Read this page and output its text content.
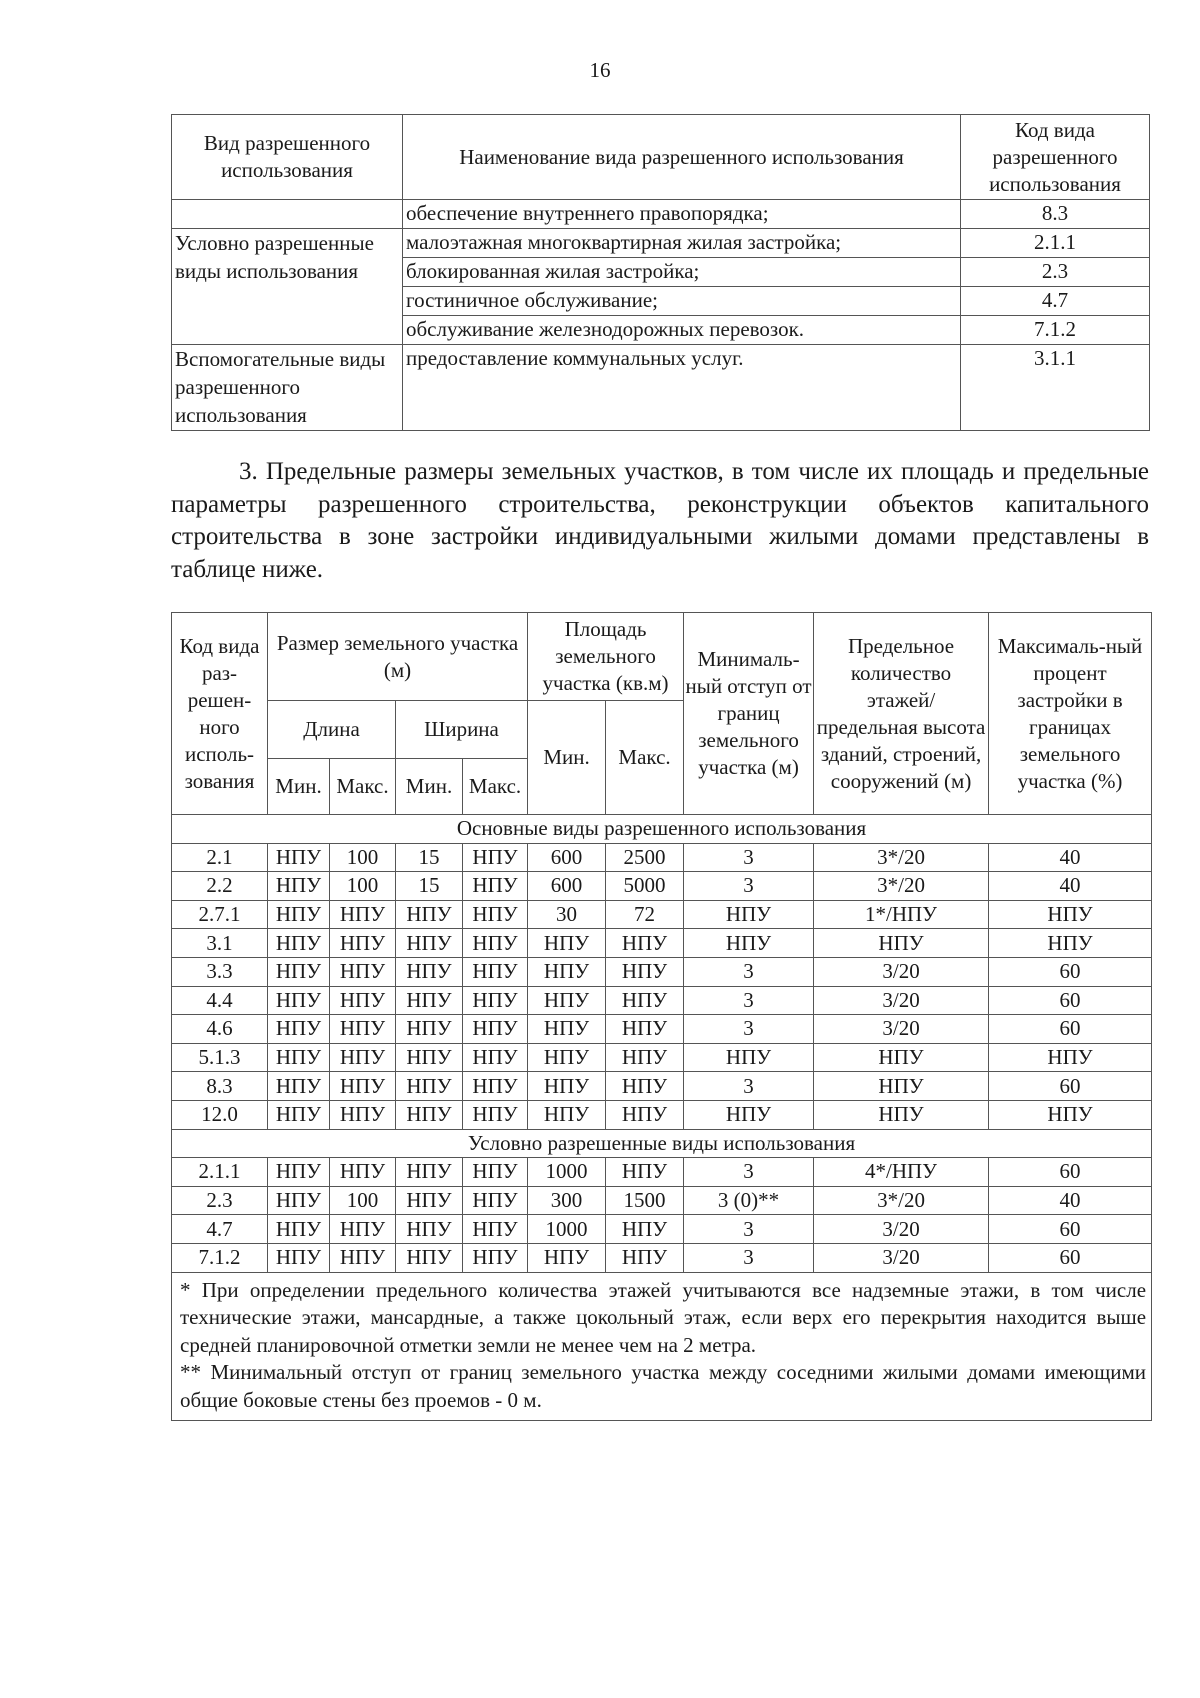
16
Вид разрешенного использования	Наименование вида разрешенного использования	Код вида разрешенного использования
	обеспечение внутреннего правопорядка;	8.3
Условно разрешенные виды использования	малоэтажная многоквартирная жилая застройка;	2.1.1
	блокированная жилая застройка;	2.3
	гостиничное обслуживание;	4.7
	обслуживание железнодорожных перевозок.	7.1.2
Вспомогательные виды разрешенного использования	предоставление коммунальных услуг.	3.1.1

3. Предельные размеры земельных участков, в том числе их площадь и предельные параметры разрешенного строительства, реконструкции объектов капитального строительства в зоне застройки индивидуальными жилыми домами представлены в таблице ниже.

Код вида раз-решен-ного исполь-зования	Размер земельного участка (м)				Площадь земельного участка (кв.м)		Минималь-ный отступ от границ земельного участка (м)	Предельное количество этажей/ предельная высота зданий, строений, сооружений (м)	Максималь-ный процент застройки в границах земельного участка (%)
	Длина		Ширина		Мин.	Макс.			
	Мин.	Макс.	Мин.	Макс.					
Основные виды разрешенного использования									
2.1	НПУ	100	15	НПУ	600	2500	3	3*/20	40
2.2	НПУ	100	15	НПУ	600	5000	3	3*/20	40
2.7.1	НПУ	НПУ	НПУ	НПУ	30	72	НПУ	1*/НПУ	НПУ
3.1	НПУ	НПУ	НПУ	НПУ	НПУ	НПУ	НПУ	НПУ	НПУ
3.3	НПУ	НПУ	НПУ	НПУ	НПУ	НПУ	3	3/20	60
4.4	НПУ	НПУ	НПУ	НПУ	НПУ	НПУ	3	3/20	60
4.6	НПУ	НПУ	НПУ	НПУ	НПУ	НПУ	3	3/20	60
5.1.3	НПУ	НПУ	НПУ	НПУ	НПУ	НПУ	НПУ	НПУ	НПУ
8.3	НПУ	НПУ	НПУ	НПУ	НПУ	НПУ	3	НПУ	60
12.0	НПУ	НПУ	НПУ	НПУ	НПУ	НПУ	НПУ	НПУ	НПУ
Условно разрешенные виды использования									
2.1.1	НПУ	НПУ	НПУ	НПУ	1000	НПУ	3	4*/НПУ	60
2.3	НПУ	100	НПУ	НПУ	300	1500	3 (0)**	3*/20	40
4.7	НПУ	НПУ	НПУ	НПУ	1000	НПУ	3	3/20	60
7.1.2	НПУ	НПУ	НПУ	НПУ	НПУ	НПУ	3	3/20	60

* При определении предельного количества этажей учитываются все надземные этажи, в том числе технические этажи, мансардные, а также цокольный этаж, если верх его перекрытия находится выше средней планировочной отметки земли не менее чем на 2 метра.
** Минимальный отступ от границ земельного участка между соседними жилыми домами имеющими общие боковые стены без проемов - 0 м.									
